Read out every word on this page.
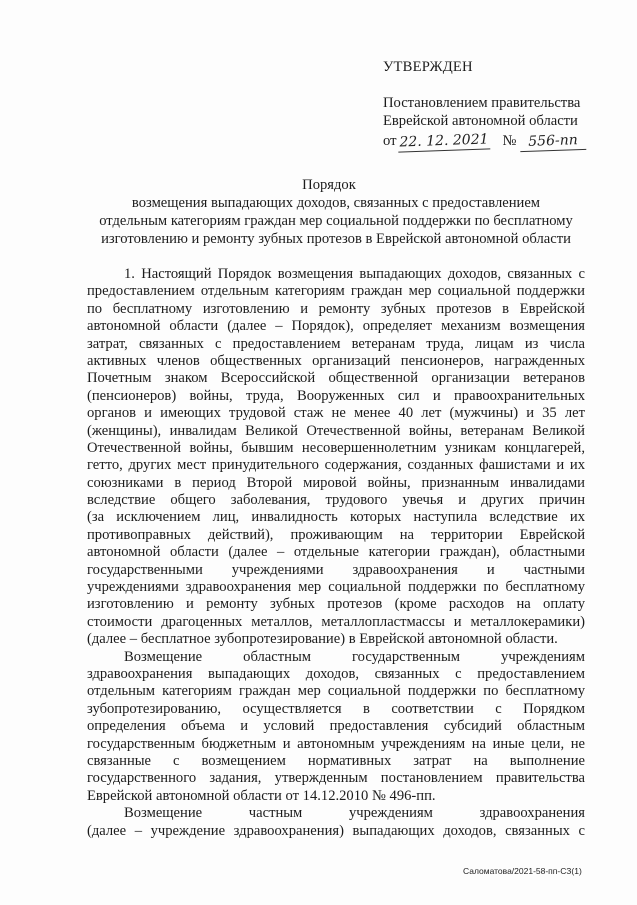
УТВЕРЖДЕН
Постановлением правительства
Еврейской автономной области
от 22. 12. 2021 № 556-пп
Порядок
возмещения выпадающих доходов, связанных с предоставлением
отдельным категориям граждан мер социальной поддержки по бесплатному
изготовлению и ремонту зубных протезов в Еврейской автономной области
1. Настоящий Порядок возмещения выпадающих доходов, связанных с
предоставлением отдельным категориям граждан мер социальной поддержки
по бесплатному изготовлению и ремонту зубных протезов в Еврейской
автономной области (далее – Порядок), определяет механизм возмещения
затрат, связанных с предоставлением ветеранам труда, лицам из числа
активных членов общественных организаций пенсионеров, награжденных
Почетным знаком Всероссийской общественной организации ветеранов
(пенсионеров) войны, труда, Вооруженных сил и правоохранительных
органов и имеющих трудовой стаж не менее 40 лет (мужчины) и 35 лет
(женщины), инвалидам Великой Отечественной войны, ветеранам Великой
Отечественной войны, бывшим несовершеннолетним узникам концлагерей,
гетто, других мест принудительного содержания, созданных фашистами и их
союзниками в период Второй мировой войны, признанным инвалидами
вследствие общего заболевания, трудового увечья и других причин
(за исключением лиц, инвалидность которых наступила вследствие их
противоправных действий), проживающим на территории Еврейской
автономной области (далее – отдельные категории граждан), областными
государственными учреждениями здравоохранения и частными
учреждениями здравоохранения мер социальной поддержки по бесплатному
изготовлению и ремонту зубных протезов (кроме расходов на оплату
стоимости драгоценных металлов, металлопластмассы и металлокерамики)
(далее – бесплатное зубопротезирование) в Еврейской автономной области.
Возмещение областным государственным учреждениям
здравоохранения выпадающих доходов, связанных с предоставлением
отдельным категориям граждан мер социальной поддержки по бесплатному
зубопротезированию, осуществляется в соответствии с Порядком
определения объема и условий предоставления субсидий областным
государственным бюджетным и автономным учреждениям на иные цели, не
связанные с возмещением нормативных затрат на выполнение
государственного задания, утвержденным постановлением правительства
Еврейской автономной области от 14.12.2010 № 496-пп.
Возмещение частным учреждениям здравоохранения
(далее – учреждение здравоохранения) выпадающих доходов, связанных с
Саломатова/2021-58-пп-СЗ(1)
